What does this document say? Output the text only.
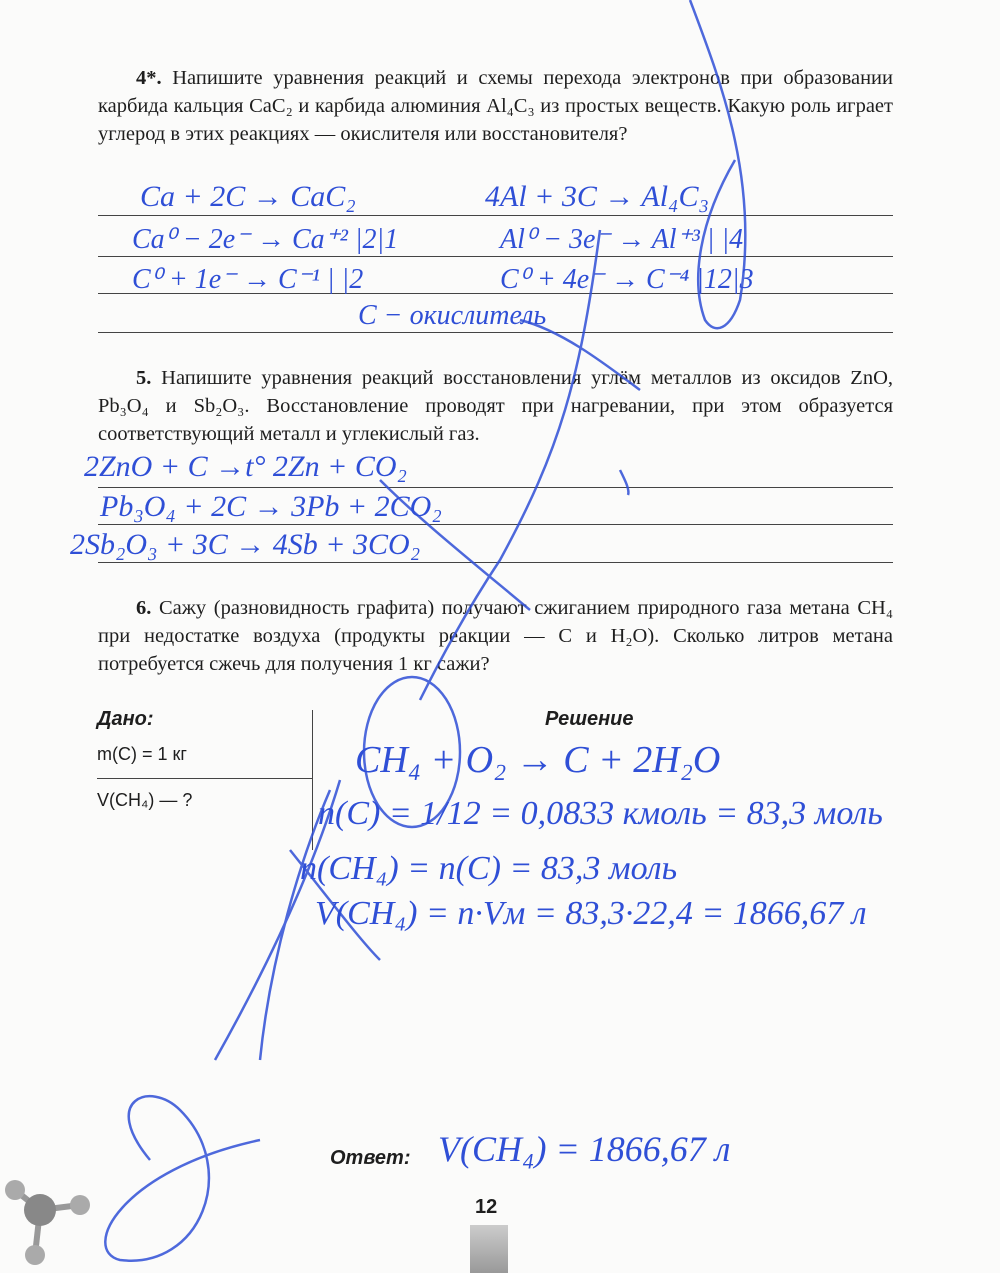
4*. Напишите уравнения реакций и схемы перехода электронов при образовании карбида кальция CaC₂ и карбида алюминия Al₄C₃ из простых веществ. Какую роль играет углерод в этих реакциях — окислителя или восстановителя?
Ca + 2C → CaC₂
Ca⁰ − 2e⁻ → Ca⁺² |2|1
C⁰ + 1e⁻ → C⁻¹ | |2
4Al + 3C → Al₄C₃
Al⁰ − 3e⁻ → Al⁺³ | |4
C⁰ + 4e⁻ → C⁻⁴ |12|3
C − окислитель
5. Напишите уравнения реакций восстановления углём металлов из оксидов ZnO, Pb₃O₄ и Sb₂O₃. Восстановление проводят при нагревании, при этом образуется соответствующий металл и углекислый газ.
2ZnO + C →t° 2Zn + CO₂
Pb₃O₄ + 2C → 3Pb + 2CO₂
2Sb₂O₃ + 3C → 4Sb + 3CO₂
6. Сажу (разновидность графита) получают сжиганием природного газа метана CH₄ при недостатке воздуха (продукты реакции — C и H₂O). Сколько литров метана потребуется сжечь для получения 1 кг сажи?
Дано:
m(C) = 1 кг
V(CH₄) — ?
Решение
CH₄ + O₂ → C + 2H₂O
n(C) = 1/12 = 0,0833 кмоль = 83,3 моль
n(CH₄) = n(C) = 83,3 моль
V(CH₄) = n·Vм = 83,3·22,4 = 1866,67 л
Ответ: V(CH₄) = 1866,67 л
12
